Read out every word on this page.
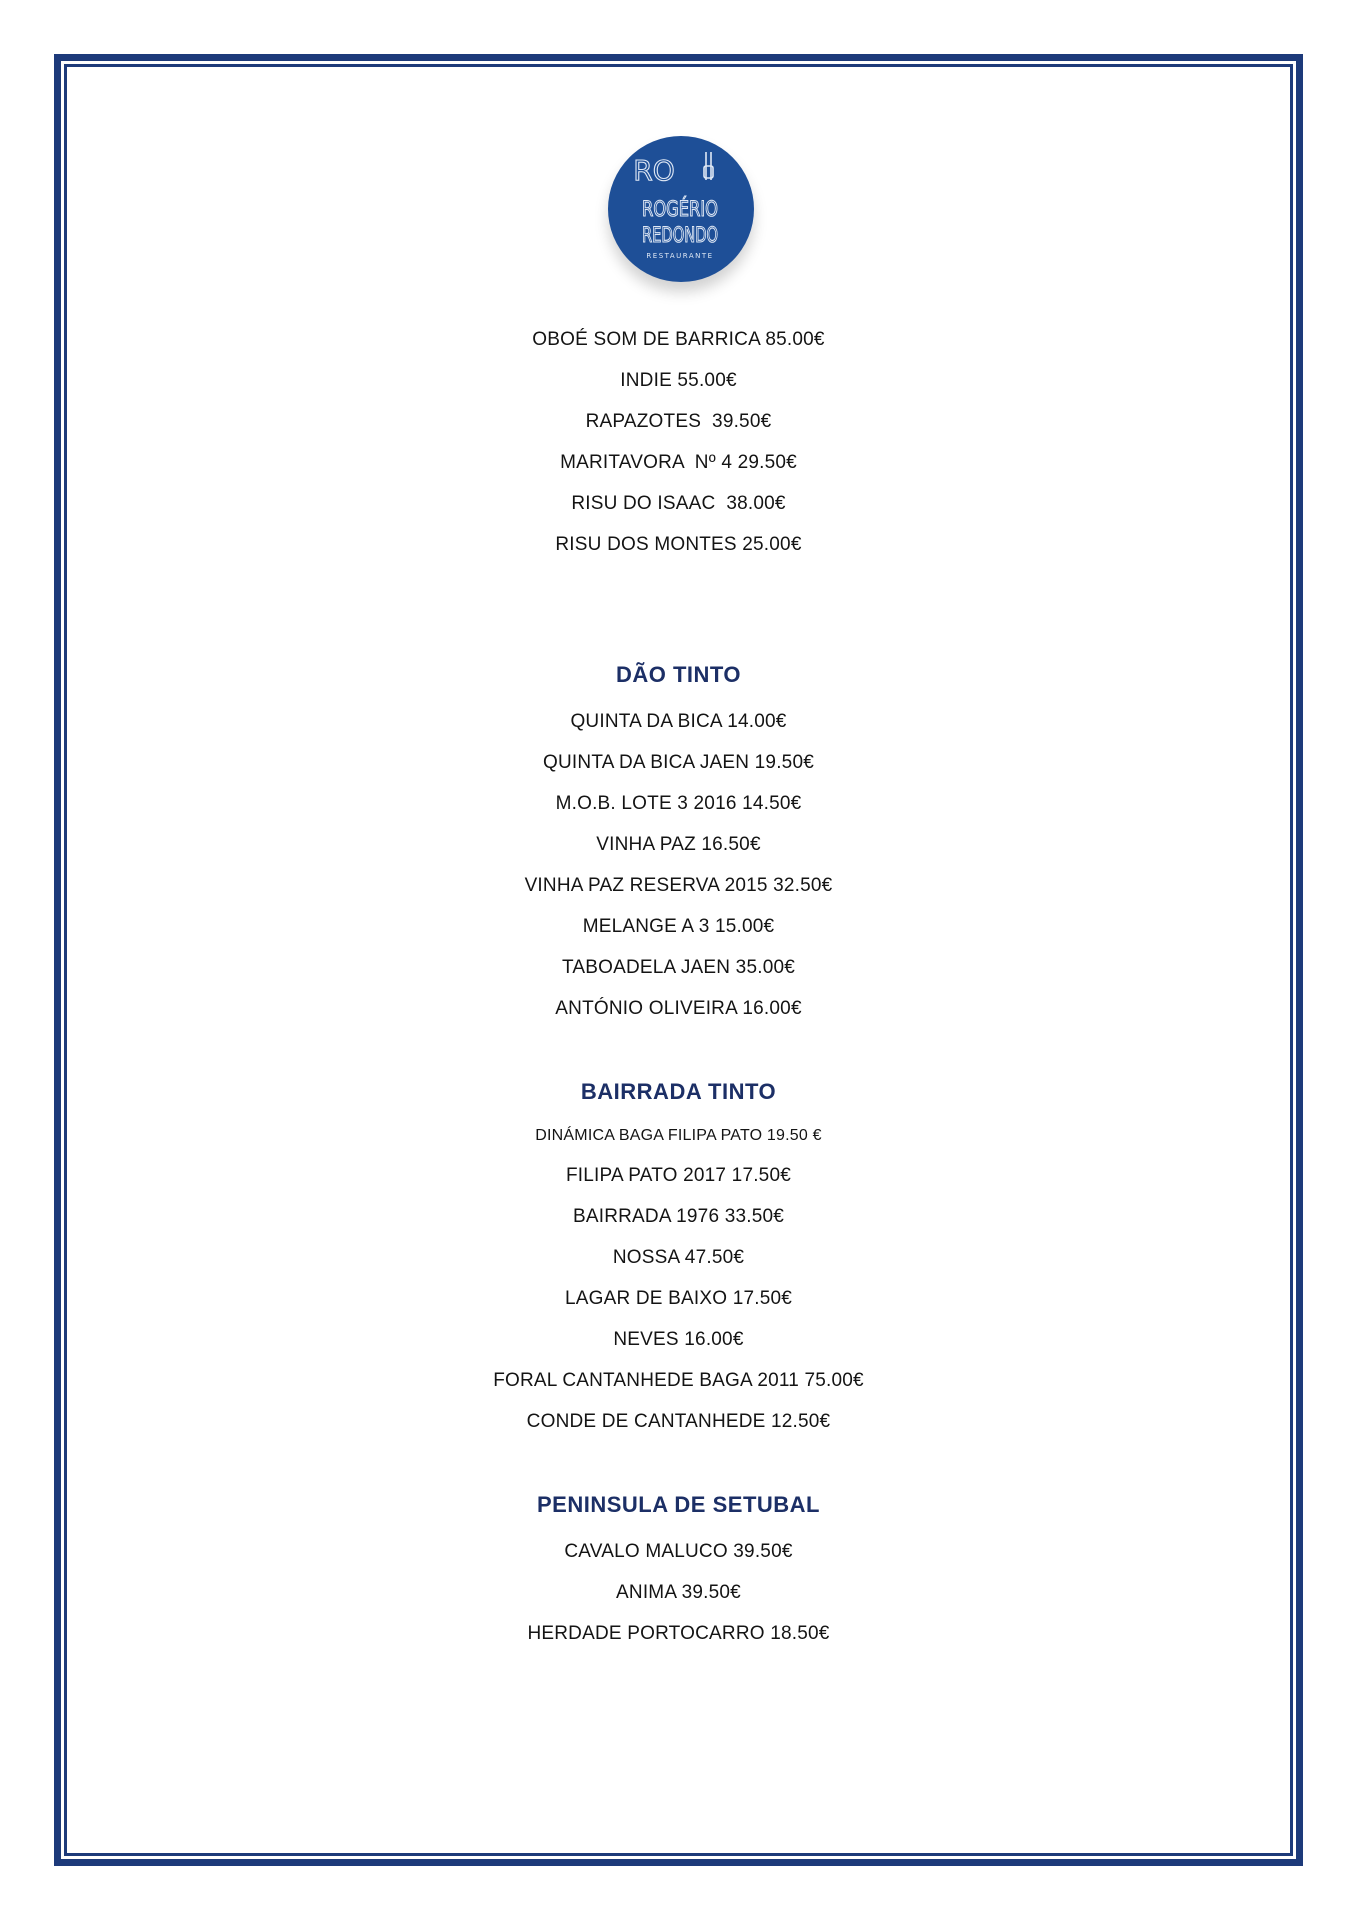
RO
ROGÉRIO
REDONDO
RESTAURANTE
OBOÉ SOM DE BARRICA 85.00€
INDIE 55.00€
RAPAZOTES  39.50€
MARITAVORA  Nº 4 29.50€
RISU DO ISAAC  38.00€
RISU DOS MONTES 25.00€
DÃO TINTO
QUINTA DA BICA 14.00€
QUINTA DA BICA JAEN 19.50€
M.O.B. LOTE 3 2016 14.50€
VINHA PAZ 16.50€
VINHA PAZ RESERVA 2015 32.50€
MELANGE A 3 15.00€
TABOADELA JAEN 35.00€
ANTÓNIO OLIVEIRA 16.00€
BAIRRADA TINTO
DINÁMICA BAGA FILIPA PATO 19.50 €
FILIPA PATO 2017 17.50€
BAIRRADA 1976 33.50€
NOSSA 47.50€
LAGAR DE BAIXO 17.50€
NEVES 16.00€
FORAL CANTANHEDE BAGA 2011 75.00€
CONDE DE CANTANHEDE 12.50€
PENINSULA DE SETUBAL
CAVALO MALUCO 39.50€
ANIMA 39.50€
HERDADE PORTOCARRO 18.50€
